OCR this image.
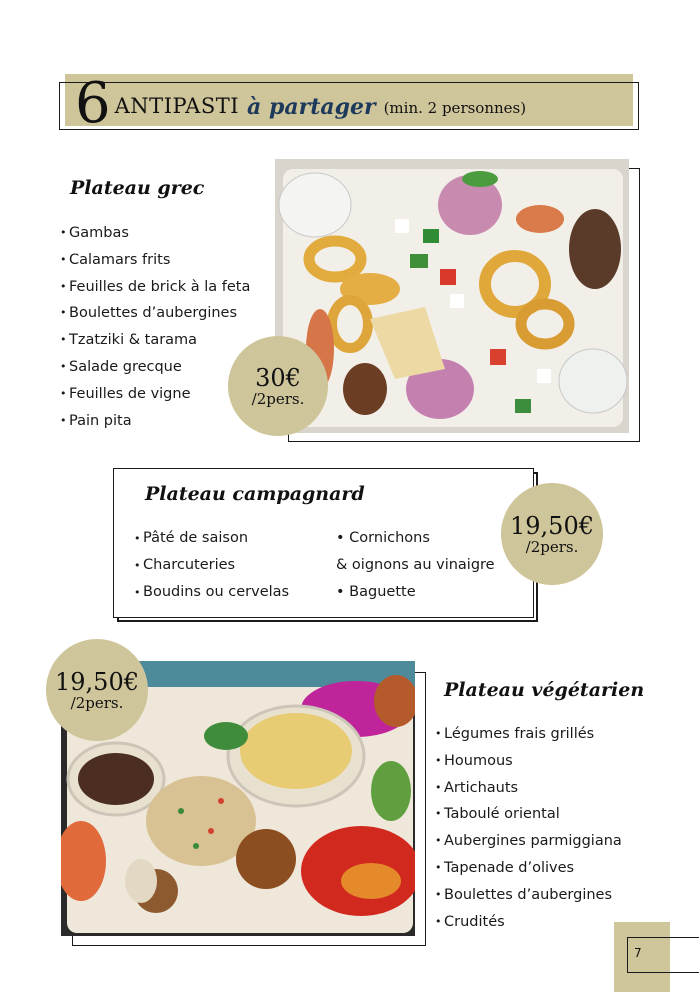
6 ANTIPASTI à partager (min. 2 personnes)
Plateau grec
• Gambas
• Calamars frits
• Feuilles de brick à la feta
• Boulettes d’aubergines
• Tzatziki & tarama
• Salade grecque
• Feuilles de vigne
• Pain pita
30€
/2pers.
Plateau campagnard
• Pâté de saison
• Charcuteries
• Boudins ou cervelas
• Cornichons
& oignons au vinaigre
• Baguette
19,50€
/2pers.
19,50€
/2pers.
Plateau végétarien
• Légumes frais grillés
• Houmous
• Artichauts
• Taboulé oriental
• Aubergines parmiggiana
• Tapenade d’olives
• Boulettes d’aubergines
• Crudités
7
